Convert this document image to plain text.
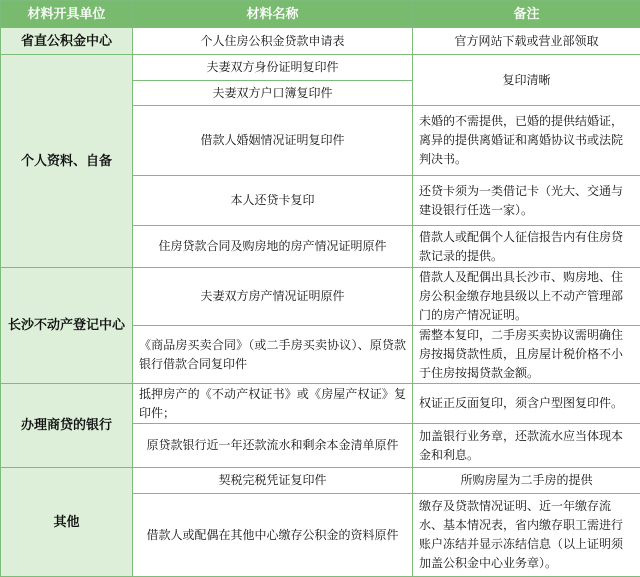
材料开具单位	材料名称	备注
省直公积金中心	个人住房公积金贷款申请表	官方网站下载或营业部领取
个人资料、自备	夫妻双方身份证明复印件	复印清晰
	夫妻双方户口簿复印件	
	借款人婚姻情况证明复印件	未婚的不需提供，已婚的提供结婚证，离异的提供离婚证和离婚协议书或法院判决书。
	本人还贷卡复印	还贷卡须为一类借记卡（光大、交通与建设银行任选一家）。
	住房贷款合同及购房地的房产情况证明原件	借款人或配偶个人征信报告内有住房贷款记录的提供。
长沙不动产登记中心	夫妻双方房产情况证明原件	借款人及配偶出具长沙市、购房地、住房公积金缴存地县级以上不动产管理部门的房产情况证明。
	《商品房买卖合同》（或二手房买卖协议）、原贷款银行借款合同复印件	需整本复印，二手房买卖协议需明确住房按揭贷款性质，且房屋计税价格不小于住房按揭贷款金额。
办理商贷的银行	抵押房产的《不动产权证书》或《房屋产权证》复印件；	权证正反面复印，须含户型图复印件。
	原贷款银行近一年还款流水和剩余本金清单原件	加盖银行业务章，还款流水应当体现本金和利息。
其他	契税完税凭证复印件	所购房屋为二手房的提供
	借款人或配偶在其他中心缴存公积金的资料原件	缴存及贷款情况证明、近一年缴存流水、基本情况表，省内缴存职工需进行账户冻结并显示冻结信息（以上证明须加盖公积金中心业务章）。
